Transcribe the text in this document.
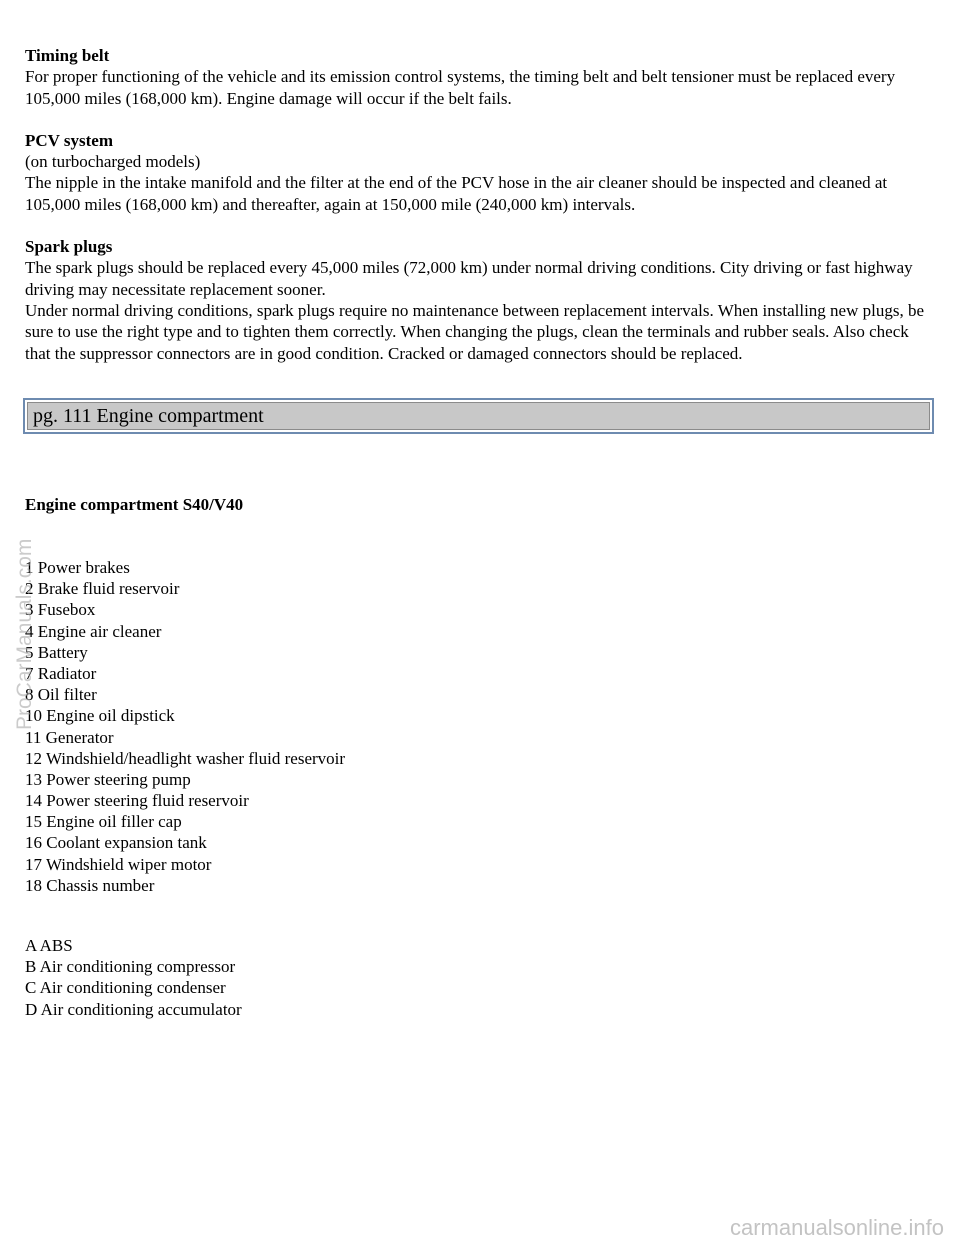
Timing belt
For proper functioning of the vehicle and its emission control systems, the timing belt and belt tensioner must be replaced every 105,000 miles (168,000 km). Engine damage will occur if the belt fails.
PCV system
(on turbocharged models)
The nipple in the intake manifold and the filter at the end of the PCV hose in the air cleaner should be inspected and cleaned at 105,000 miles (168,000 km) and thereafter, again at 150,000 mile (240,000 km) intervals.
Spark plugs
The spark plugs should be replaced every 45,000 miles (72,000 km) under normal driving conditions. City driving or fast highway driving may necessitate replacement sooner.
Under normal driving conditions, spark plugs require no maintenance between replacement intervals. When installing new plugs, be sure to use the right type and to tighten them correctly. When changing the plugs, clean the terminals and rubber seals. Also check that the suppressor connectors are in good condition. Cracked or damaged connectors should be replaced.
pg. 111 Engine compartment
Engine compartment S40/V40
1 Power brakes
2 Brake fluid reservoir
3 Fusebox
4 Engine air cleaner
5 Battery
7 Radiator
8 Oil filter
10 Engine oil dipstick
11 Generator
12 Windshield/headlight washer fluid reservoir
13 Power steering pump
14 Power steering fluid reservoir
15 Engine oil filler cap
16 Coolant expansion tank
17 Windshield wiper motor
18 Chassis number
A ABS
B Air conditioning compressor
C Air conditioning condenser
D Air conditioning accumulator
ProCarManuals.com
carmanualsonline.info
